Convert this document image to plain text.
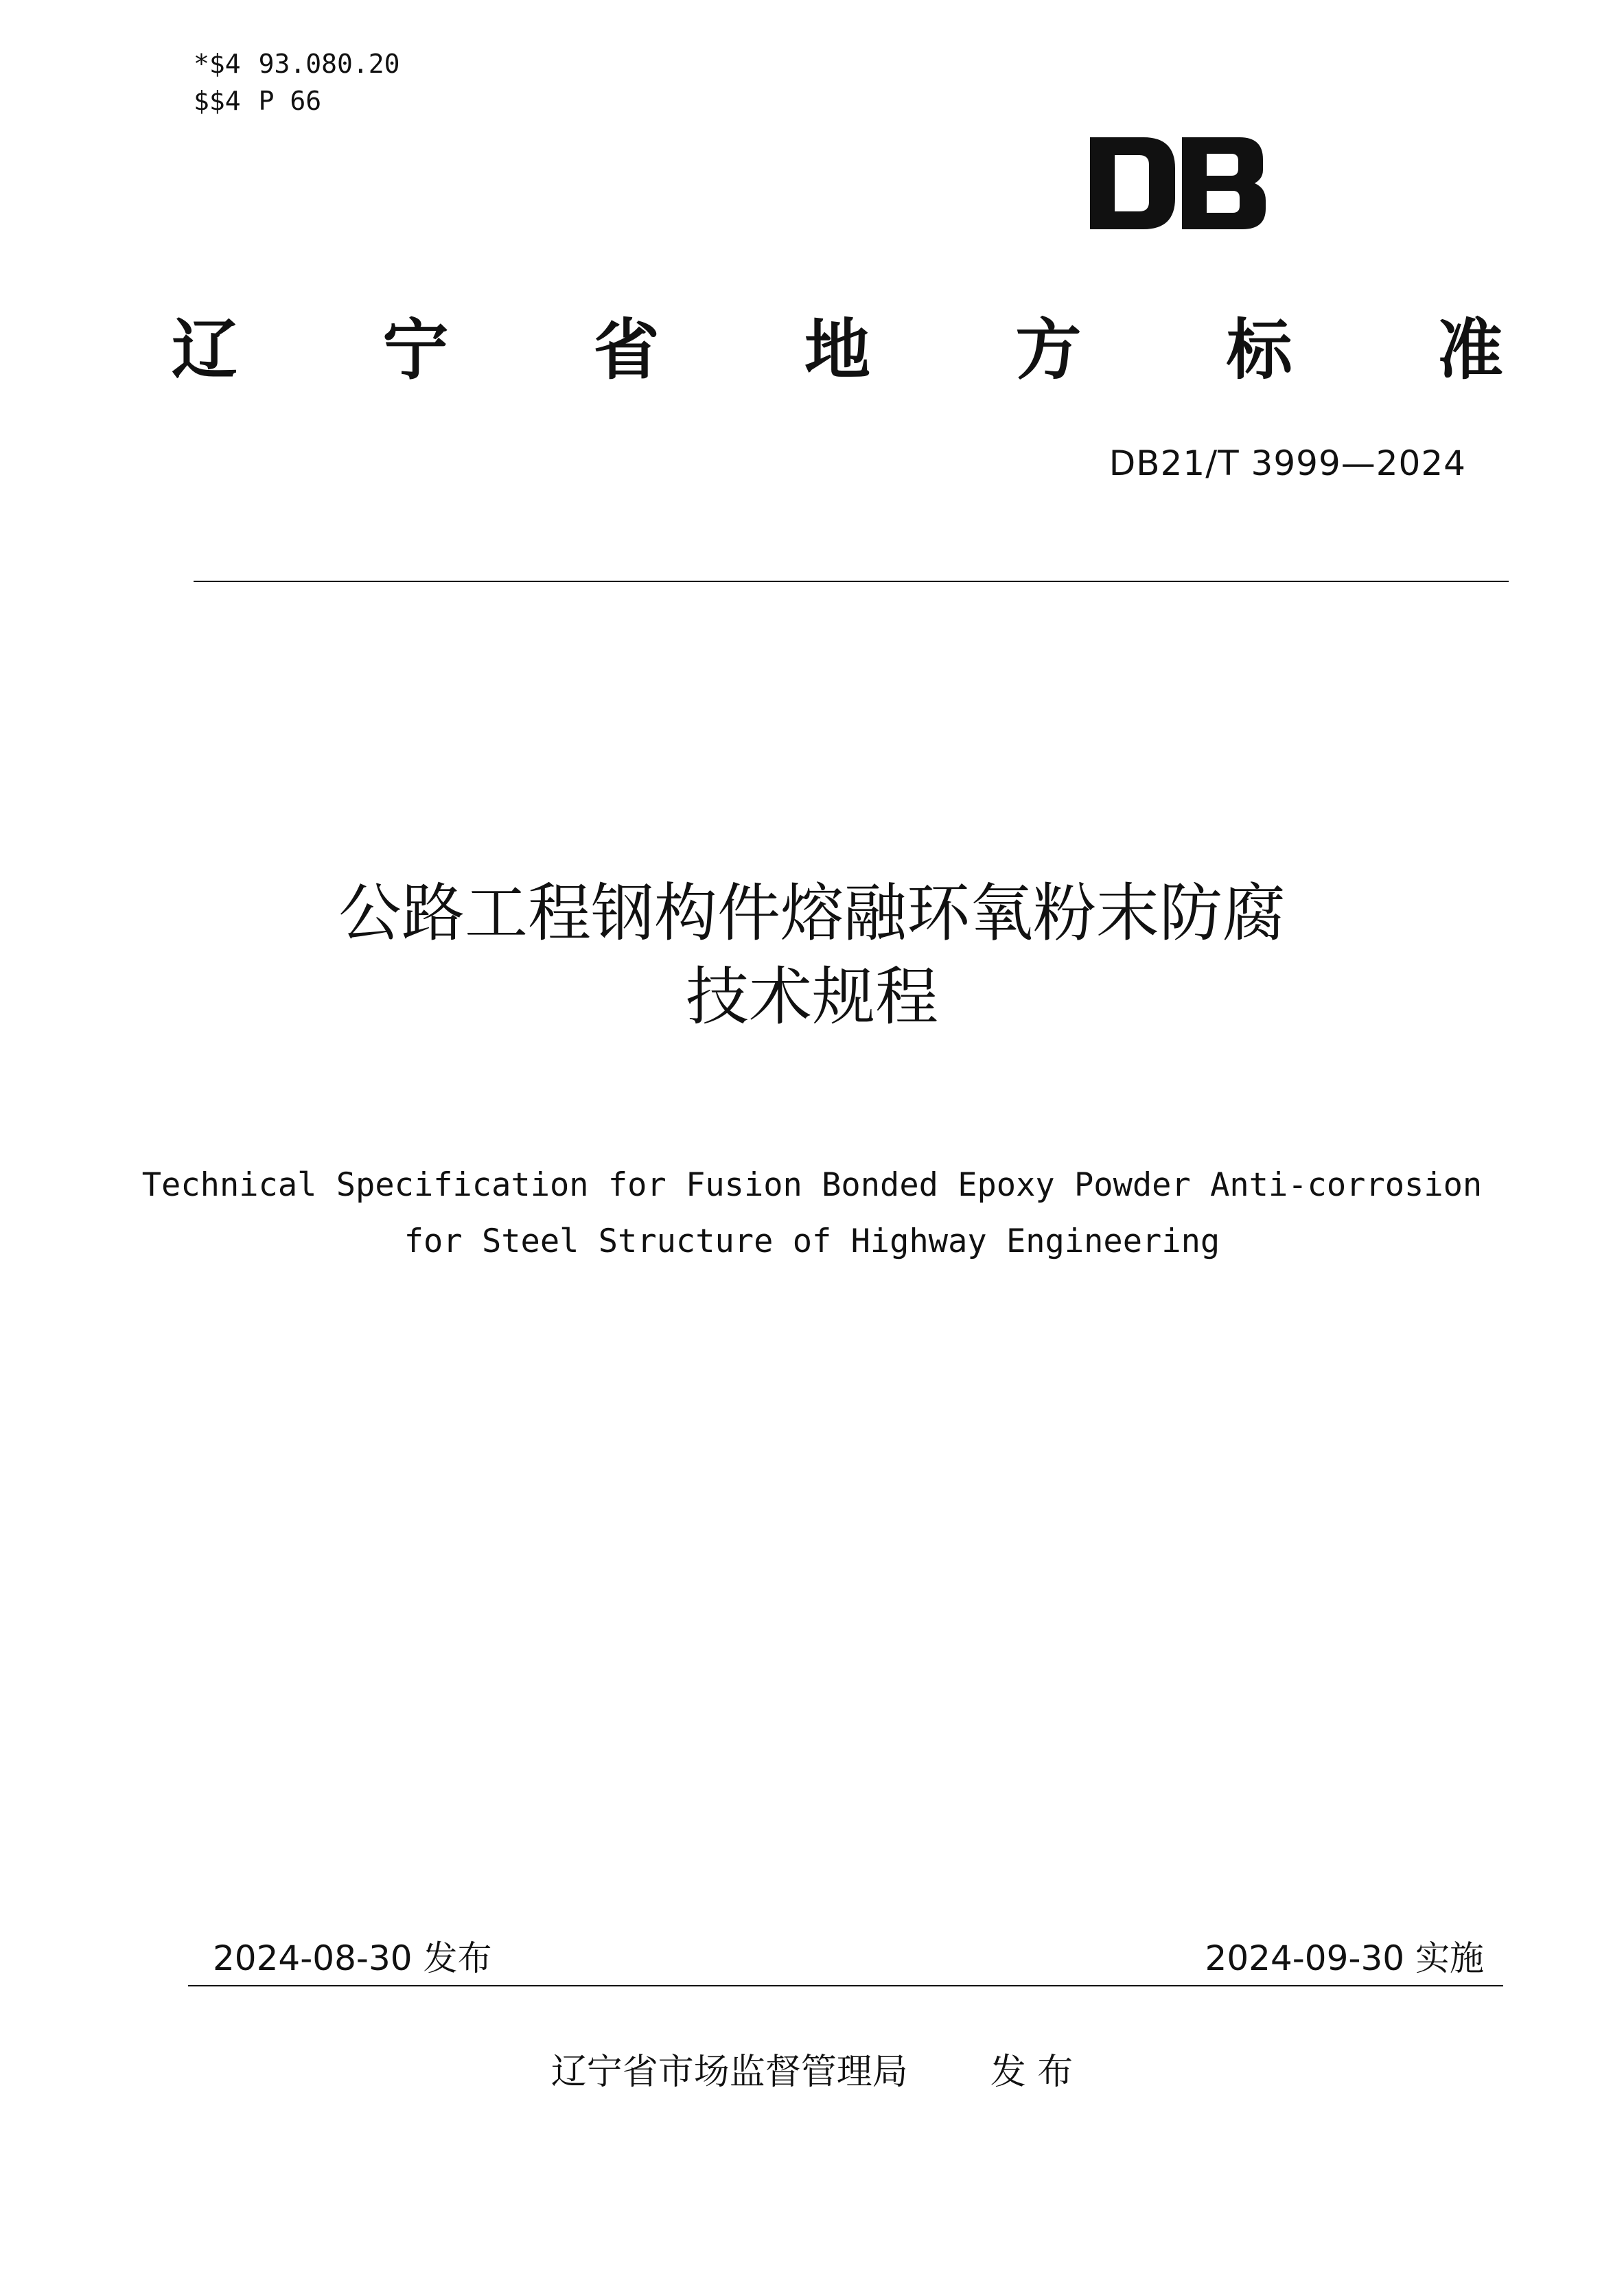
*$4 93.080.20
$$4 P 66
辽 宁 省 地 方 标 准
DB21/T 3999—2024
公路工程钢构件熔融环氧粉末防腐
技术规程
Technical Specification for Fusion Bonded Epoxy Powder Anti-corrosion
for Steel Structure of Highway Engineering
2024-08-30 发布	2024-09-30 实施
辽宁省市场监督管理局 发 布
